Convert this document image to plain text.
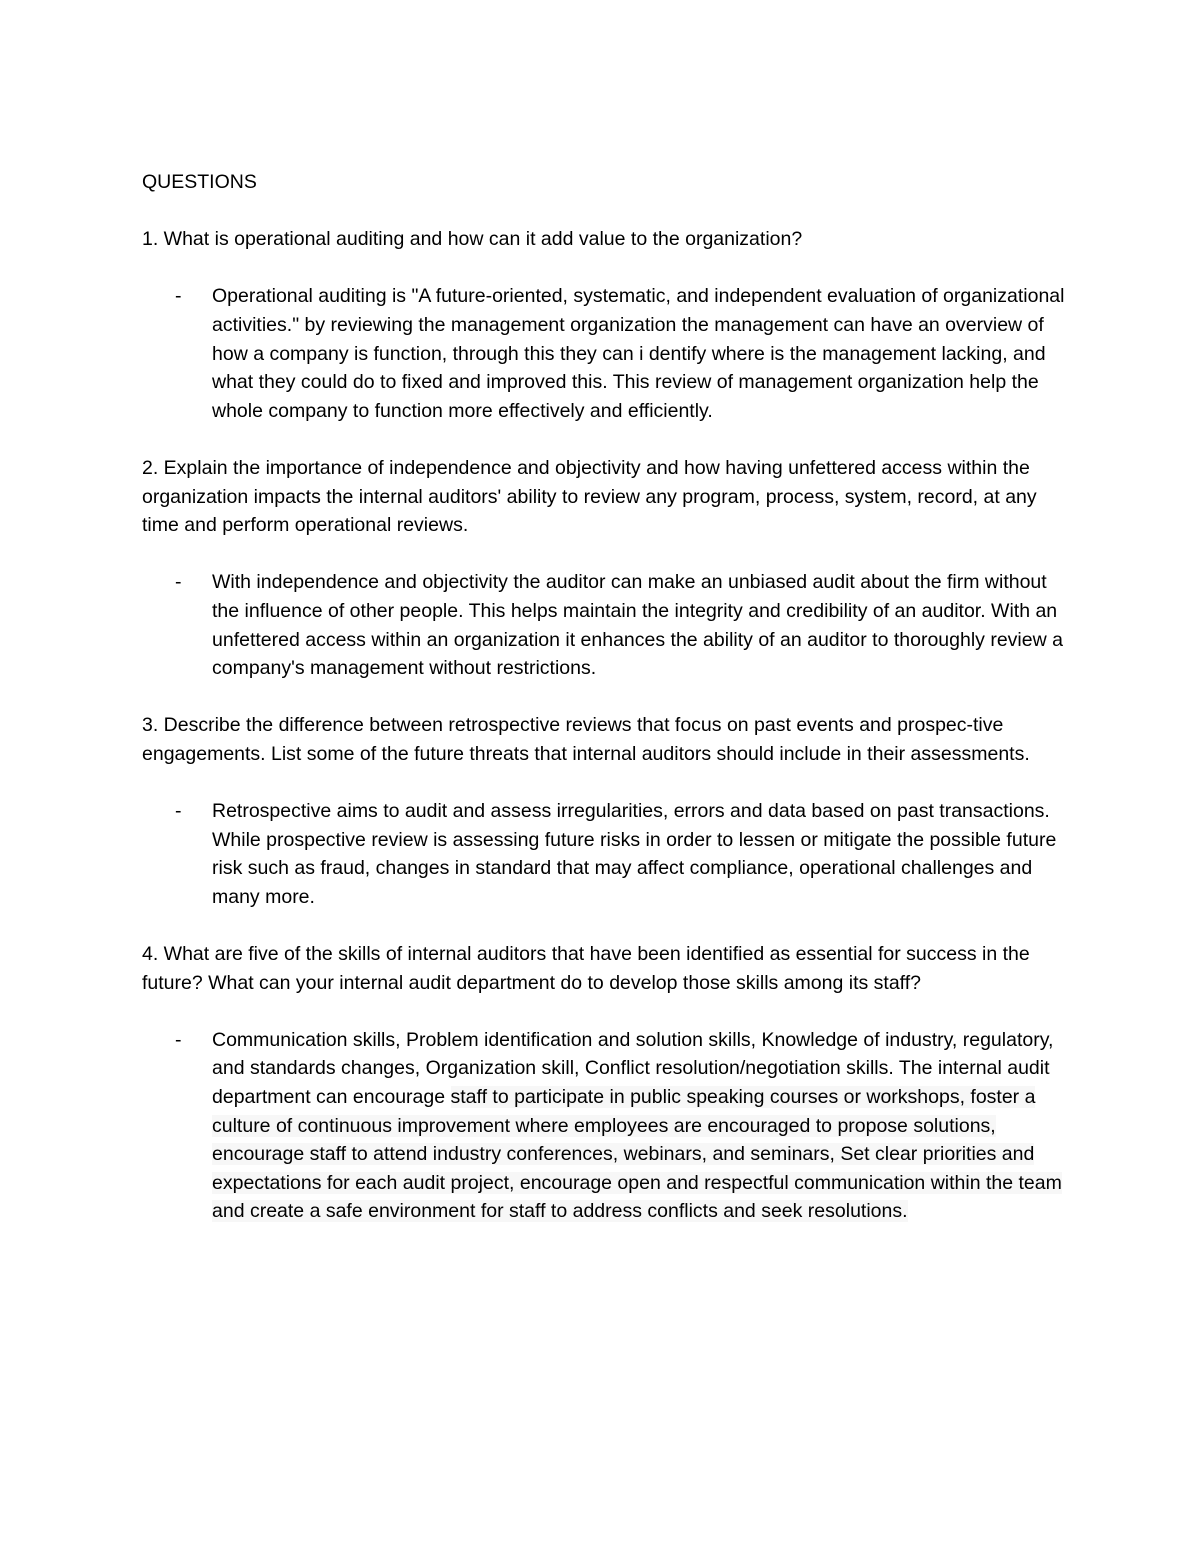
QUESTIONS
1. What is operational auditing and how can it add value to the organization?
- Operational auditing is "A future-oriented, systematic, and independent evaluation of organizational activities." by reviewing the management organization the management can have an overview of how a company is function, through this they can i dentify where is the management lacking, and what they could do to fixed and improved this. This review of management organization help the whole company to function more effectively and efficiently.
2. Explain the importance of independence and objectivity and how having unfettered access within the organization impacts the internal auditors' ability to review any program, process, system, record, at any time and perform operational reviews.
- With independence and objectivity the auditor can make an unbiased audit about the firm without the influence of other people. This helps maintain the integrity and credibility of an auditor. With an unfettered access within an organization it enhances the ability of an auditor to thoroughly review a company's management without restrictions.
3. Describe the difference between retrospective reviews that focus on past events and prospec-tive engagements. List some of the future threats that internal auditors should include in their assessments.
- Retrospective aims to audit and assess irregularities, errors and data based on past transactions. While prospective review is assessing future risks in order to lessen or mitigate the possible future risk such as fraud, changes in standard that may affect compliance, operational challenges and many more.
4. What are five of the skills of internal auditors that have been identified as essential for success in the future? What can your internal audit department do to develop those skills among its staff?
- Communication skills, Problem identification and solution skills, Knowledge of industry, regulatory, and standards changes, Organization skill, Conflict resolution/negotiation skills. The internal audit department can encourage staff to participate in public speaking courses or workshops, foster a culture of continuous improvement where employees are encouraged to propose solutions, encourage staff to attend industry conferences, webinars, and seminars, Set clear priorities and expectations for each audit project, encourage open and respectful communication within the team and create a safe environment for staff to address conflicts and seek resolutions.
